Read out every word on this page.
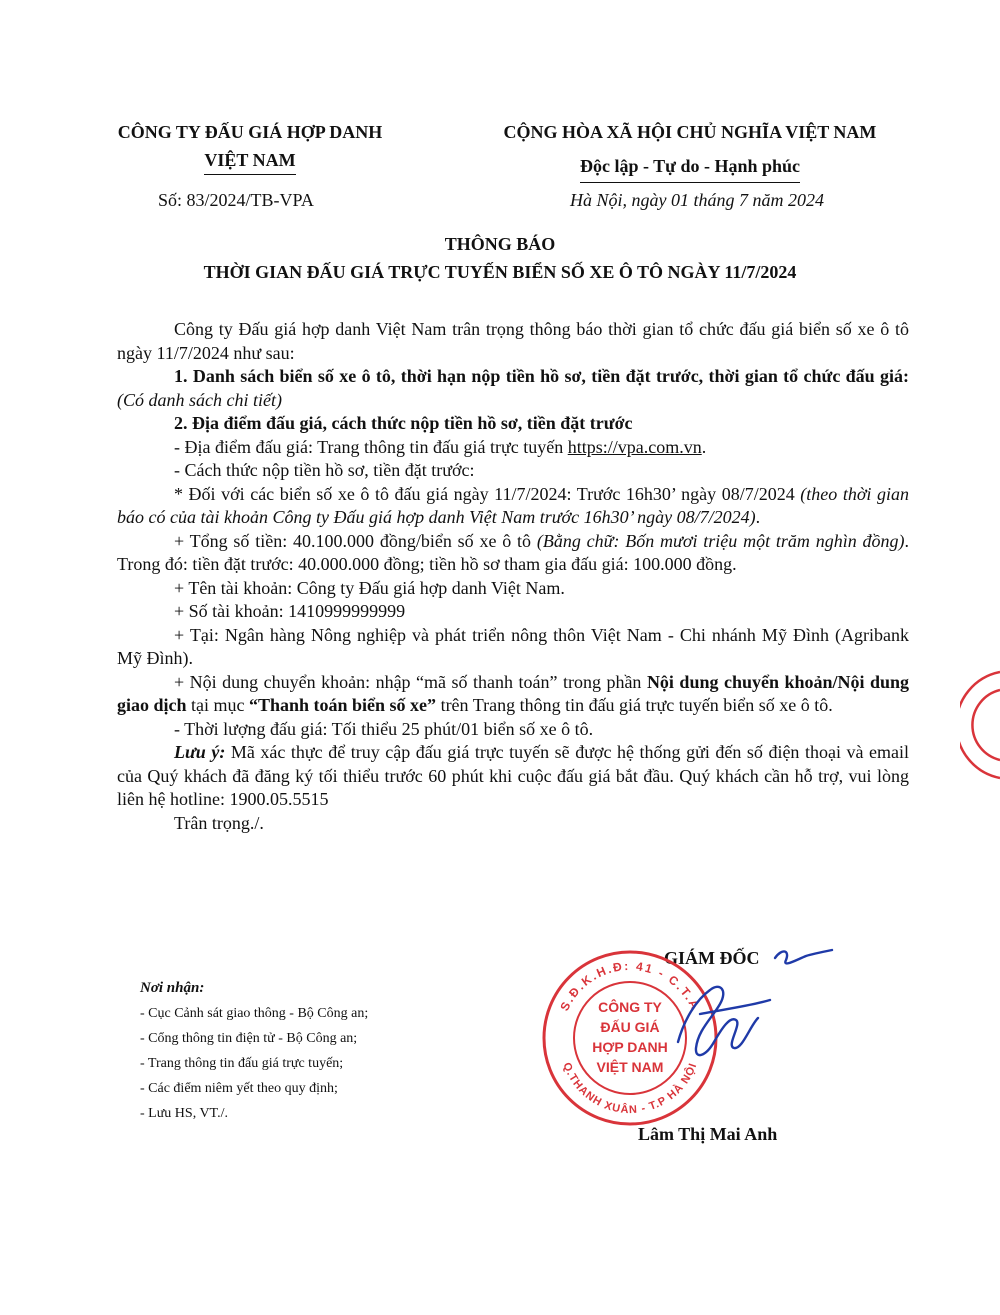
CÔNG TY ĐẤU GIÁ HỢP DANH
VIỆT NAM
CỘNG HÒA XÃ HỘI CHỦ NGHĨA VIỆT NAM
Độc lập - Tự do - Hạnh phúc
Số: 83/2024/TB-VPA	Hà Nội, ngày 01 tháng 7 năm 2024
THÔNG BÁO
THỜI GIAN ĐẤU GIÁ TRỰC TUYẾN BIỂN SỐ XE Ô TÔ NGÀY 11/7/2024

Công ty Đấu giá hợp danh Việt Nam trân trọng thông báo thời gian tổ chức đấu giá biển số xe ô tô ngày 11/7/2024 như sau:

1. Danh sách biển số xe ô tô, thời hạn nộp tiền hồ sơ, tiền đặt trước, thời gian tổ chức đấu giá: (Có danh sách chi tiết)

2. Địa điểm đấu giá, cách thức nộp tiền hồ sơ, tiền đặt trước

- Địa điểm đấu giá: Trang thông tin đấu giá trực tuyến https://vpa.com.vn.

- Cách thức nộp tiền hồ sơ, tiền đặt trước:

* Đối với các biển số xe ô tô đấu giá ngày 11/7/2024: Trước 16h30’ ngày 08/7/2024 (theo thời gian báo có của tài khoản Công ty Đấu giá hợp danh Việt Nam trước 16h30’ ngày 08/7/2024).

+ Tổng số tiền: 40.100.000 đồng/biển số xe ô tô (Bằng chữ: Bốn mươi triệu một trăm nghìn đồng). Trong đó: tiền đặt trước: 40.000.000 đồng; tiền hồ sơ tham gia đấu giá: 100.000 đồng.

+ Tên tài khoản: Công ty Đấu giá hợp danh Việt Nam.

+ Số tài khoản: 1410999999999

+ Tại: Ngân hàng Nông nghiệp và phát triển nông thôn Việt Nam - Chi nhánh Mỹ Đình (Agribank Mỹ Đình).

+ Nội dung chuyển khoản: nhập “mã số thanh toán” trong phần Nội dung chuyển khoản/Nội dung giao dịch tại mục “Thanh toán biển số xe” trên Trang thông tin đấu giá trực tuyến biển số xe ô tô.

- Thời lượng đấu giá: Tối thiểu 25 phút/01 biển số xe ô tô.

Lưu ý: Mã xác thực để truy cập đấu giá trực tuyến sẽ được hệ thống gửi đến số điện thoại và email của Quý khách đã đăng ký tối thiểu trước 60 phút khi cuộc đấu giá bắt đầu. Quý khách cần hỗ trợ, vui lòng liên hệ hotline: 1900.05.5515

Trân trọng./.

Nơi nhận:
- Cục Cảnh sát giao thông - Bộ Công an;
- Cổng thông tin điện tử - Bộ Công an;
- Trang thông tin đấu giá trực tuyến;
- Các điểm niêm yết theo quy định;
- Lưu HS, VT./.
GIÁM ĐỐC
S.Đ.K.H.Đ: 41 - C.T.A
Q.THANH XUÂN - T.P HÀ NỘI
CÔNG TY
ĐẤU GIÁ
HỢP DANH
VIỆT NAM
Lâm Thị Mai Anh
